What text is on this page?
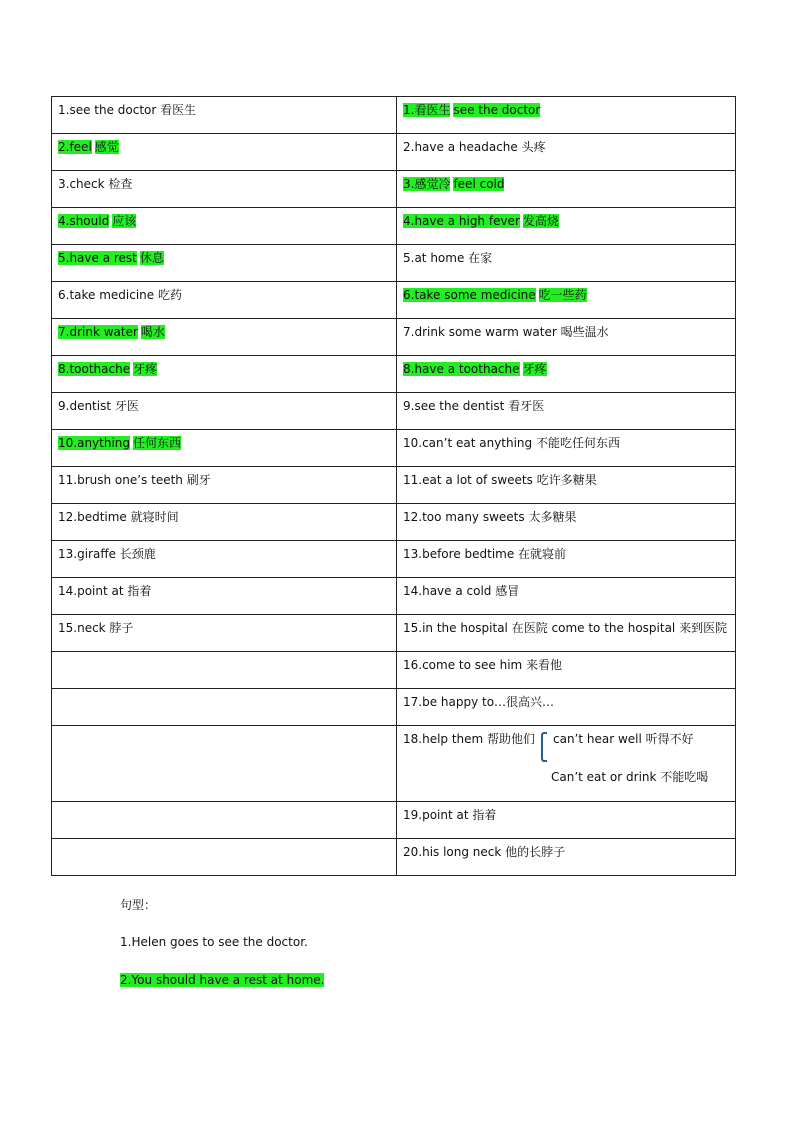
1.see the doctor 看医生	1.看医生 see the doctor
2.feel 感觉	2.have a headache 头疼
3.check 检查	3.感觉冷 feel cold
4.should 应该	4.have a high fever 发高烧
5.have a rest 休息	5.at home 在家
6.take medicine 吃药	6.take some medicine 吃一些药
7.drink water 喝水	7.drink some warm water 喝些温水
8.toothache 牙疼	8.have a toothache 牙疼
9.dentist 牙医	9.see the dentist 看牙医
10.anything 任何东西	10.can’t eat anything 不能吃任何东西
11.brush one’s teeth 刷牙	11.eat a lot of sweets 吃许多糖果
12.bedtime 就寝时间	12.too many sweets 太多糖果
13.giraffe 长颈鹿	13.before bedtime 在就寝前
14.point at 指着	14.have a cold 感冒
15.neck 脖子	15.in the hospital 在医院 come to the hospital 来到医院
	16.come to see him 来看他
	17.be happy to…很高兴…
	18.help them 帮助他们 can’t hear well 听得不好
Can’t eat or drink 不能吃喝

	19.point at 指着
	20.his long neck 他的长脖子
句型：
1.Helen goes to see the doctor.
2.You should have a rest at home.
